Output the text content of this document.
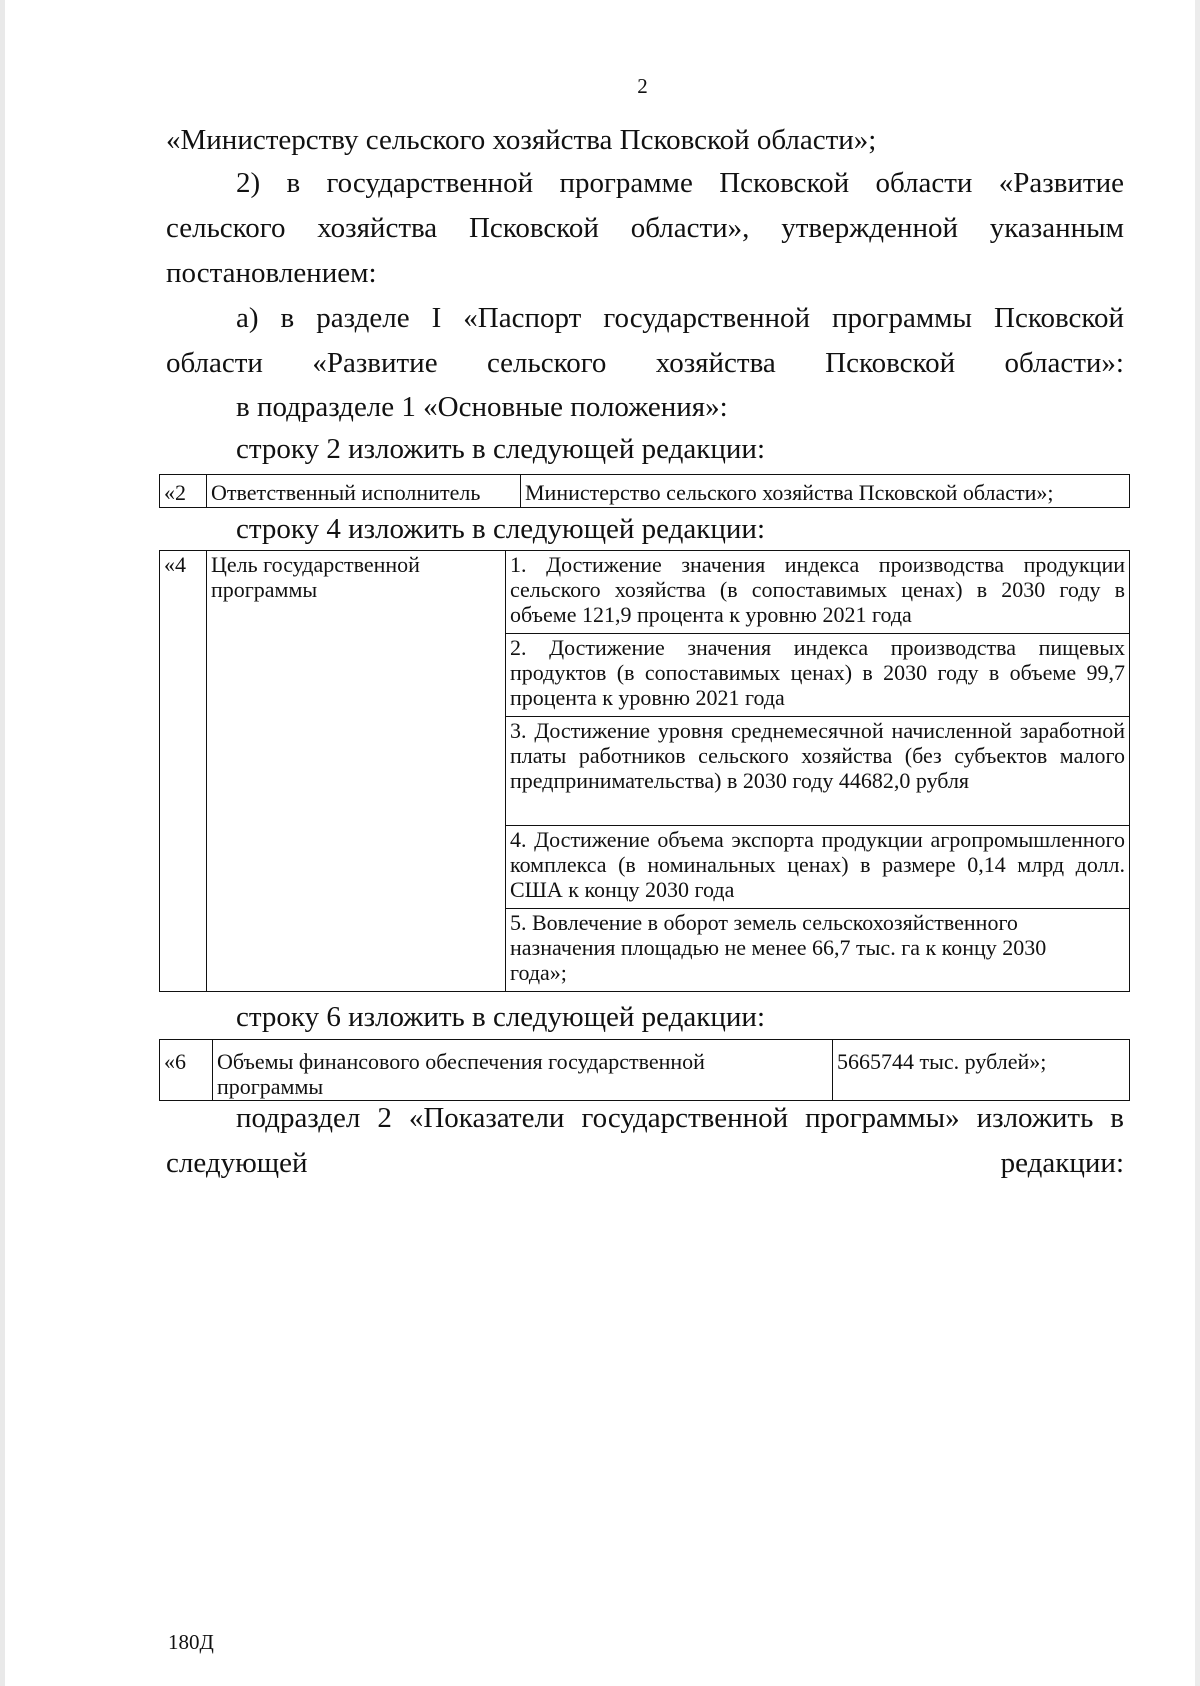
2

«Министерству сельского хозяйства Псковской области»;

2) в государственной программе Псковской области «Развитие сельского хозяйства Псковской области», утвержденной указанным постановлением:

а) в разделе I «Паспорт государственной программы Псковской области «Развитие сельского хозяйства Псковской области»:

в подразделе 1 «Основные положения»:

строку 2 изложить в следующей редакции:

«2	Ответственный исполнитель	Министерство сельского хозяйства Псковской области»;

строку 4 изложить в следующей редакции:

«4	Цель государственной программы	1. Достижение значения индекса производства продукции сельского хозяйства (в сопоставимых ценах) в 2030 году в объеме 121,9 процента к уровню 2021 года
2. Достижение значения индекса производства пищевых продуктов (в сопоставимых ценах) в 2030 году в объеме 99,7 процента к уровню 2021 года
3. Достижение уровня среднемесячной начисленной заработной платы работников сельского хозяйства (без субъектов малого предпринимательства) в 2030 году 44682,0 рубля
4. Достижение объема экспорта продукции агропромышленного комплекса (в номинальных ценах) в размере 0,14 млрд долл. США к концу 2030 года
5. Вовлечение в оборот земель сельскохозяйственного назначения площадью не менее 66,7 тыс. га к концу 2030 года»;

строку 6 изложить в следующей редакции:

«6	Объемы финансового обеспечения государственной программы	5665744 тыс. рублей»;

подраздел 2 «Показатели государственной программы» изложить в следующей редакции:

180Д
